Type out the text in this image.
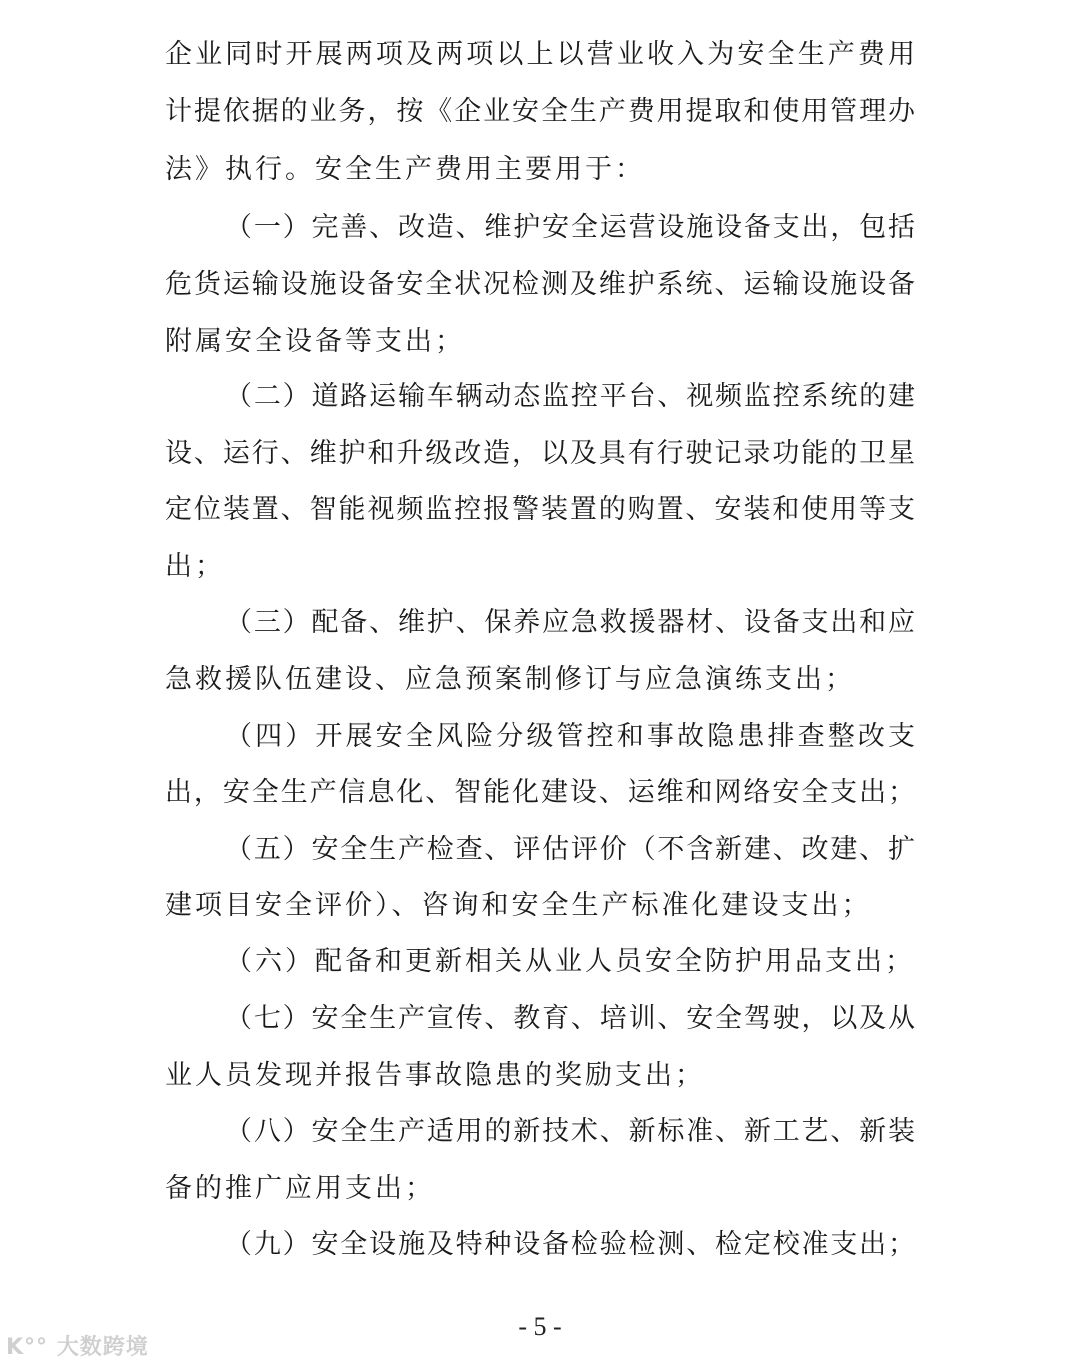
企业同时开展两项及两项以上以营业收入为安全生产费用
计提依据的业务，按《企业安全生产费用提取和使用管理办
法》执行。安全生产费用主要用于：
（一）完善、改造、维护安全运营设施设备支出，包括
危货运输设施设备安全状况检测及维护系统、运输设施设备
附属安全设备等支出；
（二）道路运输车辆动态监控平台、视频监控系统的建
设、运行、维护和升级改造，以及具有行驶记录功能的卫星
定位装置、智能视频监控报警装置的购置、安装和使用等支
出；
（三）配备、维护、保养应急救援器材、设备支出和应
急救援队伍建设、应急预案制修订与应急演练支出；
（四）开展安全风险分级管控和事故隐患排查整改支
出，安全生产信息化、智能化建设、运维和网络安全支出；
（五）安全生产检查、评估评价（不含新建、改建、扩
建项目安全评价）、咨询和安全生产标准化建设支出；
（六）配备和更新相关从业人员安全防护用品支出；
（七）安全生产宣传、教育、培训、安全驾驶，以及从
业人员发现并报告事故隐患的奖励支出；
（八）安全生产适用的新技术、新标准、新工艺、新装
备的推广应用支出；
（九）安全设施及特种设备检验检测、检定校准支出；
- 5 -
K°° 大数跨境
